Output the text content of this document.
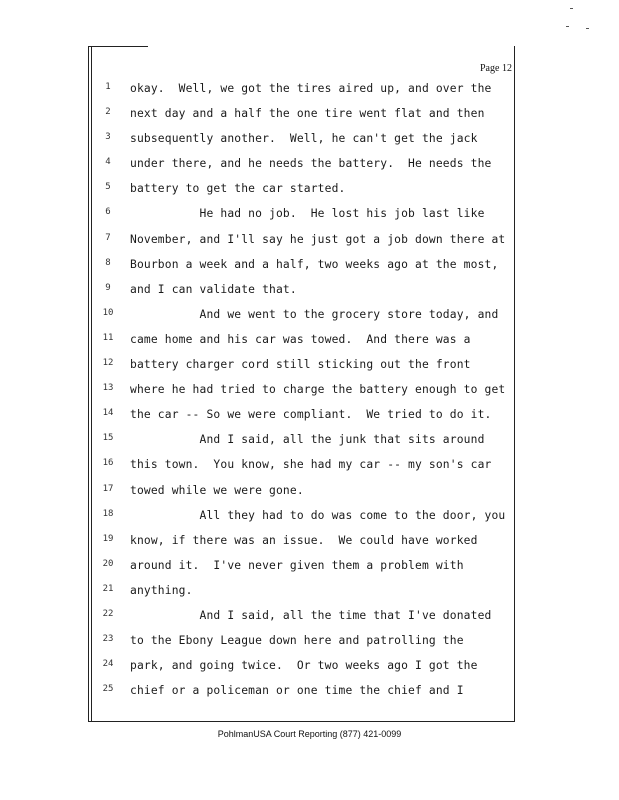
Page 12
1	okay.  Well, we got the tires aired up, and over the
2	next day and a half the one tire went flat and then
3	subsequently another.  Well, he can't get the jack
4	under there, and he needs the battery.  He needs the
5	battery to get the car started.
6	He had no job.  He lost his job last like
7	November, and I'll say he just got a job down there at
8	Bourbon a week and a half, two weeks ago at the most,
9	and I can validate that.
10 And we went to the grocery store today, and
11 came home and his car was towed.  And there was a
12 battery charger cord still sticking out the front
13 where he had tried to charge the battery enough to get
14 the car -- So we were compliant.  We tried to do it.
15 And I said, all the junk that sits around
16 this town.  You know, she had my car -- my son's car
17 towed while we were gone.
18 All they had to do was come to the door, you
19 know, if there was an issue.  We could have worked
20 around it.  I've never given them a problem with
21 anything.
22 And I said, all the time that I've donated
23 to the Ebony League down here and patrolling the
24 park, and going twice.  Or two weeks ago I got the
25 chief or a policeman or one time the chief and I
PohlmanUSA Court Reporting (877) 421-0099
